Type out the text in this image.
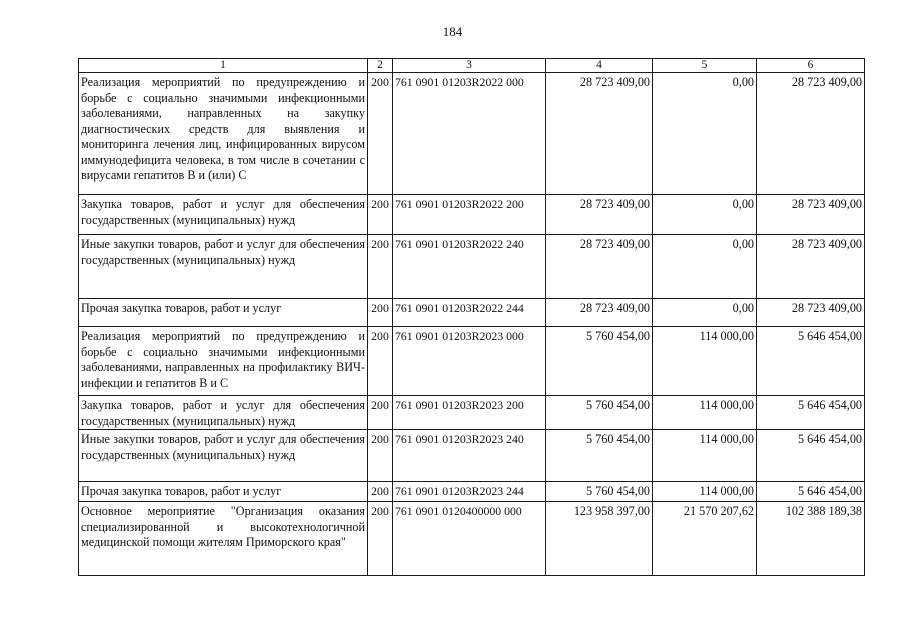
184
1	2	3	4	5	6
Реализация мероприятий по предупреждению и борьбе с социально значимыми инфекционными заболеваниями, направленных на закупку диагностических средств для выявления и мониторинга лечения лиц, инфицированных вирусом иммунодефицита человека, в том числе в сочетании с вирусами гепатитов В и (или) С	200	761 0901 01203R2022 000	28 723 409,00	0,00	28 723 409,00
Закупка товаров, работ и услуг для обеспечения государственных (муниципальных) нужд	200	761 0901 01203R2022 200	28 723 409,00	0,00	28 723 409,00
Иные закупки товаров, работ и услуг для обеспечения государственных (муниципальных) нужд	200	761 0901 01203R2022 240	28 723 409,00	0,00	28 723 409,00
Прочая закупка товаров, работ и услуг	200	761 0901 01203R2022 244	28 723 409,00	0,00	28 723 409,00
Реализация мероприятий по предупреждению и борьбе с социально значимыми инфекционными заболеваниями, направленных на профилактику ВИЧ-инфекции и гепатитов В и С	200	761 0901 01203R2023 000	5 760 454,00	114 000,00	5 646 454,00
Закупка товаров, работ и услуг для обеспечения государственных (муниципальных) нужд	200	761 0901 01203R2023 200	5 760 454,00	114 000,00	5 646 454,00
Иные закупки товаров, работ и услуг для обеспечения государственных (муниципальных) нужд	200	761 0901 01203R2023 240	5 760 454,00	114 000,00	5 646 454,00
Прочая закупка товаров, работ и услуг	200	761 0901 01203R2023 244	5 760 454,00	114 000,00	5 646 454,00
Основное мероприятие "Организация оказания специализированной и высокотехнологичной медицинской помощи жителям Приморского края"	200	761 0901 0120400000 000	123 958 397,00	21 570 207,62	102 388 189,38
